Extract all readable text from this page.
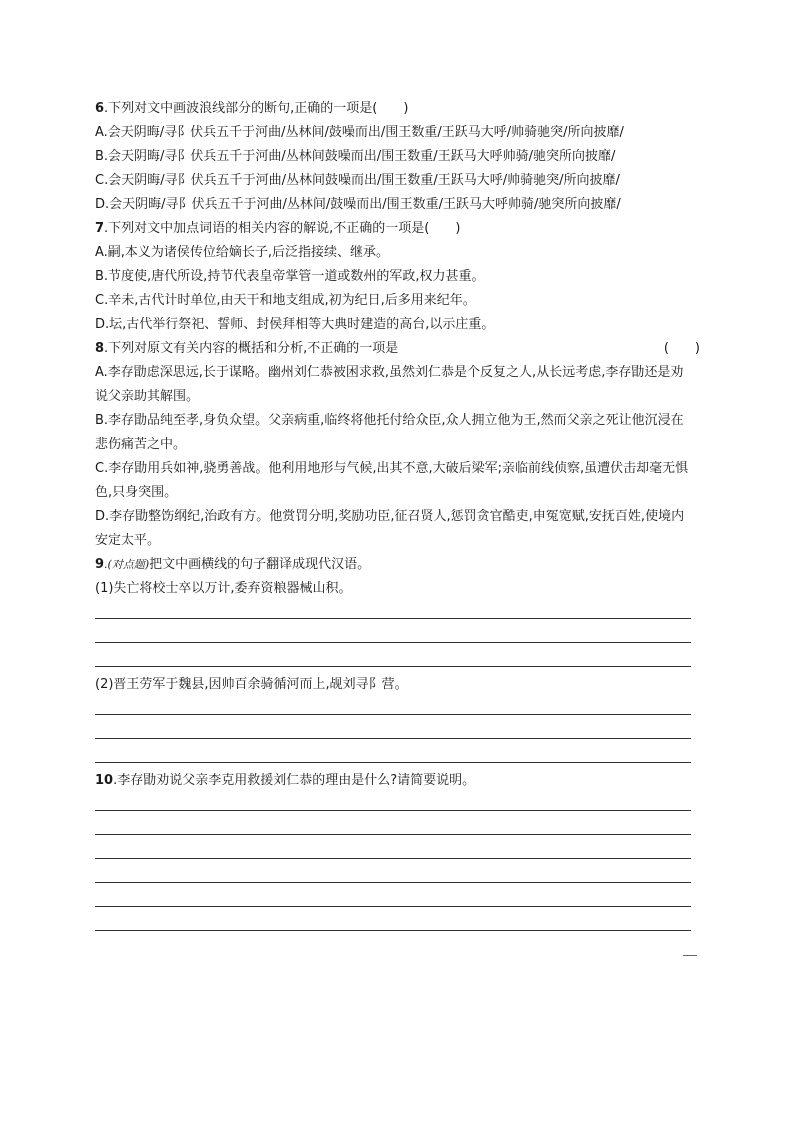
6.下列对文中画波浪线部分的断句,正确的一项是(　　)
A.会天阴晦/寻阝伏兵五千于河曲/丛林间/鼓噪而出/围王数重/王跃马大呼/帅骑驰突/所向披靡/
B.会天阴晦/寻阝伏兵五千于河曲/丛林间鼓噪而出/围王数重/王跃马大呼帅骑/驰突所向披靡/
C.会天阴晦/寻阝伏兵五千于河曲/丛林间鼓噪而出/围王数重/王跃马大呼/帅骑驰突/所向披靡/
D.会天阴晦/寻阝伏兵五千于河曲/丛林间/鼓噪而出/围王数重/王跃马大呼帅骑/驰突所向披靡/
7.下列对文中加点词语的相关内容的解说,不正确的一项是(　　)
A.嗣,本义为诸侯传位给嫡长子,后泛指接续、继承。
B.节度使,唐代所设,持节代表皇帝掌管一道或数州的军政,权力甚重。
C.辛未,古代计时单位,由天干和地支组成,初为纪日,后多用来纪年。
D.坛,古代举行祭祀、誓师、封侯拜相等大典时建造的高台,以示庄重。
8.下列对原文有关内容的概括和分析,不正确的一项是	(　　)
A.李存勖虑深思远,长于谋略。幽州刘仁恭被困求救,虽然刘仁恭是个反复之人,从长远考虑,李存勖还是劝说父亲助其解围。
B.李存勖品纯至孝,身负众望。父亲病重,临终将他托付给众臣,众人拥立他为王,然而父亲之死让他沉浸在悲伤痛苦之中。
C.李存勖用兵如神,骁勇善战。他利用地形与气候,出其不意,大破后梁军;亲临前线侦察,虽遭伏击却毫无惧色,只身突围。
D.李存勖整饬纲纪,治政有方。他赏罚分明,奖励功臣,征召贤人,惩罚贪官酷吏,申冤宽赋,安抚百姓,使境内安定太平。
9.(对点题)把文中画横线的句子翻译成现代汉语。
(1)失亡将校士卒以万计,委弃资粮器械山积。
(2)晋王劳军于魏县,因帅百余骑循河而上,觇刘寻阝营。
10.李存勖劝说父亲李克用救援刘仁恭的理由是什么?请简要说明。
